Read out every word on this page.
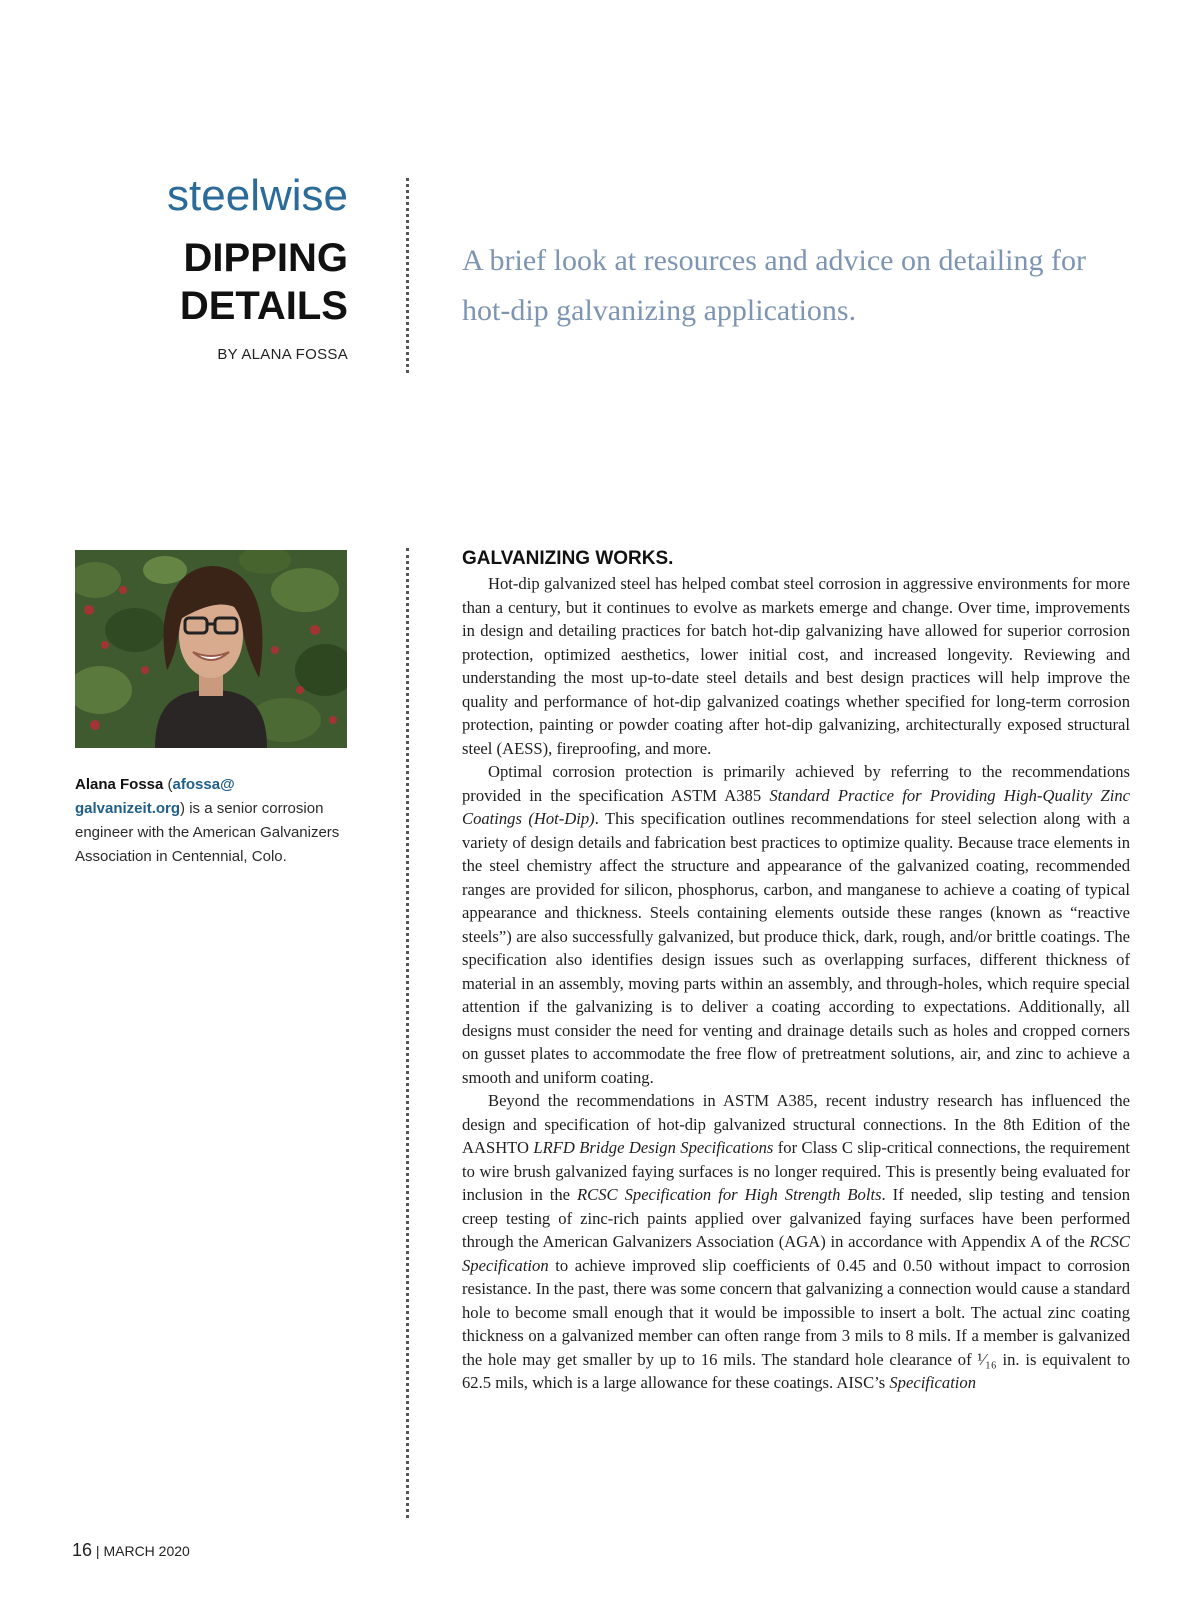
steelwise
DIPPING
DETAILS
BY ALANA FOSSA

A brief look at resources and advice on detailing for hot-dip galvanizing applications.

Alana Fossa (afossa@
galvanizeit.org) is a senior corrosion engineer with the American Galvanizers Association in Centennial, Colo.

GALVANIZING WORKS.

Hot-dip galvanized steel has helped combat steel corrosion in aggressive environments for more than a century, but it continues to evolve as markets emerge and change. Over time, improvements in design and detailing practices for batch hot-dip galvanizing have allowed for superior corrosion protection, optimized aesthetics, lower initial cost, and increased longevity. Reviewing and understanding the most up-to-date steel details and best design practices will help improve the quality and performance of hot-dip galvanized coatings whether specified for long-term corrosion protection, painting or powder coating after hot-dip galvanizing, architecturally exposed structural steel (AESS), fireproofing, and more.

Optimal corrosion protection is primarily achieved by referring to the recommendations provided in the specification ASTM A385 Standard Practice for Providing High-Quality Zinc Coatings (Hot-Dip). This specification outlines recommendations for steel selection along with a variety of design details and fabrication best practices to optimize quality. Because trace elements in the steel chemistry affect the structure and appearance of the galvanized coating, recommended ranges are provided for silicon, phosphorus, carbon, and manganese to achieve a coating of typical appearance and thickness. Steels containing elements outside these ranges (known as “reactive steels”) are also successfully galvanized, but produce thick, dark, rough, and/or brittle coatings. The specification also identifies design issues such as overlapping surfaces, different thickness of material in an assembly, moving parts within an assembly, and through-holes, which require special attention if the galvanizing is to deliver a coating according to expectations. Additionally, all designs must consider the need for venting and drainage details such as holes and cropped corners on gusset plates to accommodate the free flow of pretreatment solutions, air, and zinc to achieve a smooth and uniform coating.

Beyond the recommendations in ASTM A385, recent industry research has influenced the design and specification of hot-dip galvanized structural connections. In the 8th Edition of the AASHTO LRFD Bridge Design Specifications for Class C slip-critical connections, the requirement to wire brush galvanized faying surfaces is no longer required. This is presently being evaluated for inclusion in the RCSC Specification for High Strength Bolts. If needed, slip testing and tension creep testing of zinc-rich paints applied over galvanized faying surfaces have been performed through the American Galvanizers Association (AGA) in accordance with Appendix A of the RCSC Specification to achieve improved slip coefficients of 0.45 and 0.50 without impact to corrosion resistance. In the past, there was some concern that galvanizing a connection would cause a standard hole to become small enough that it would be impossible to insert a bolt. The actual zinc coating thickness on a galvanized member can often range from 3 mils to 8 mils. If a member is galvanized the hole may get smaller by up to 16 mils. The standard hole clearance of ¹⁄₁₆ in. is equivalent to 62.5 mils, which is a large allowance for these coatings. AISC’s Specification

16 | MARCH 2020
